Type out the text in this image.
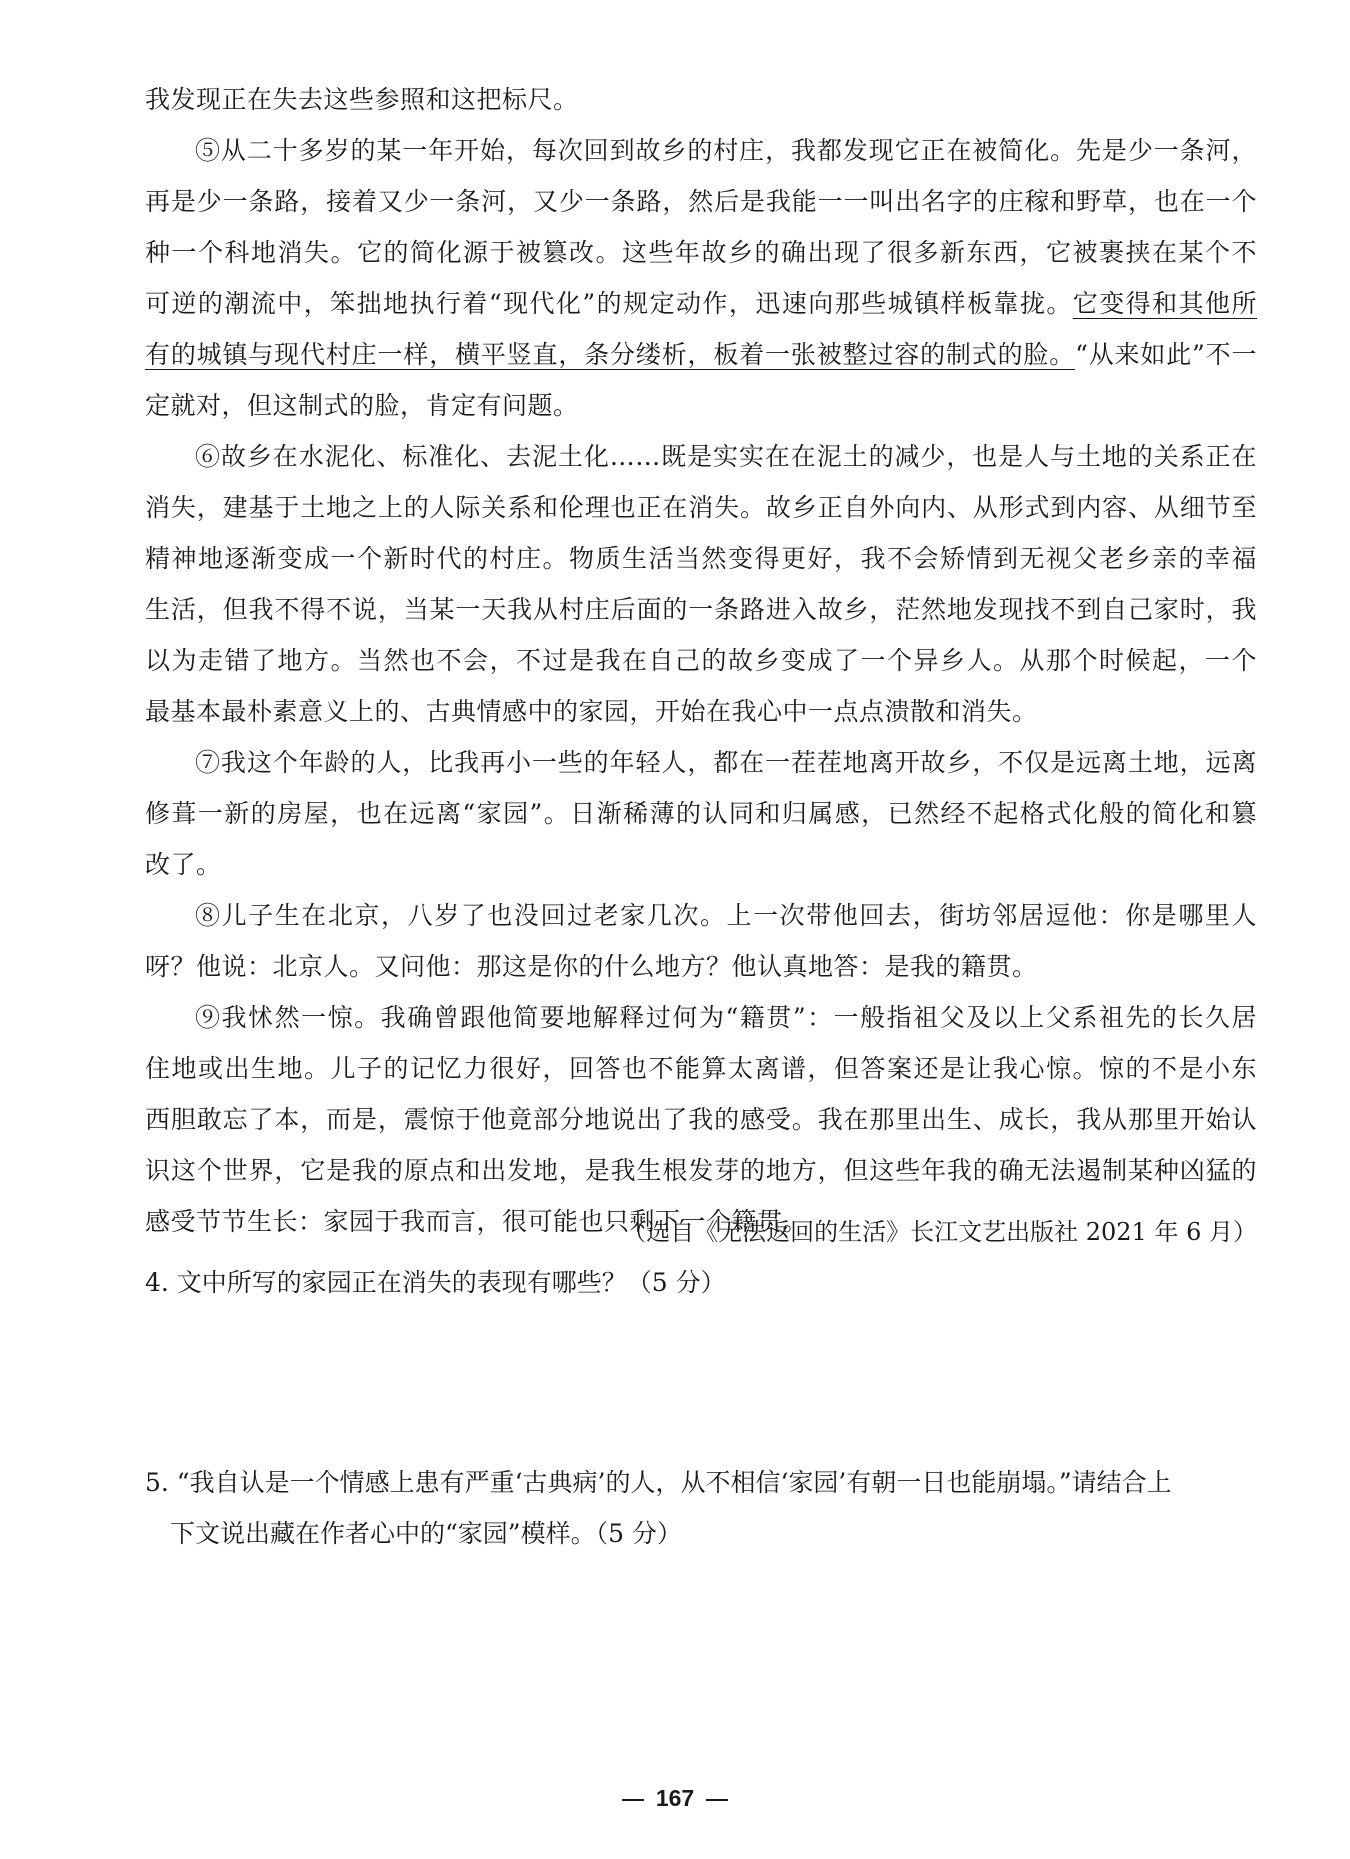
我发现正在失去这些参照和这把标尺。
⑤从二十多岁的某一年开始，每次回到故乡的村庄，我都发现它正在被简化。先是少一条河，
再是少一条路，接着又少一条河，又少一条路，然后是我能一一叫出名字的庄稼和野草，也在一个
种一个科地消失。它的简化源于被篡改。这些年故乡的确出现了很多新东西，它被裹挟在某个不
可逆的潮流中，笨拙地执行着“现代化”的规定动作，迅速向那些城镇样板靠拢。它变得和其他所
有的城镇与现代村庄一样，横平竖直，条分缕析，板着一张被整过容的制式的脸。“从来如此”不一
定就对，但这制式的脸，肯定有问题。
⑥故乡在水泥化、标准化、去泥土化……既是实实在在泥土的减少，也是人与土地的关系正在
消失，建基于土地之上的人际关系和伦理也正在消失。故乡正自外向内、从形式到内容、从细节至
精神地逐渐变成一个新时代的村庄。物质生活当然变得更好，我不会矫情到无视父老乡亲的幸福
生活，但我不得不说，当某一天我从村庄后面的一条路进入故乡，茫然地发现找不到自己家时，我
以为走错了地方。当然也不会，不过是我在自己的故乡变成了一个异乡人。从那个时候起，一个
最基本最朴素意义上的、古典情感中的家园，开始在我心中一点点溃散和消失。
⑦我这个年龄的人，比我再小一些的年轻人，都在一茬茬地离开故乡，不仅是远离土地，远离
修葺一新的房屋，也在远离“家园”。日渐稀薄的认同和归属感，已然经不起格式化般的简化和篡
改了。
⑧儿子生在北京，八岁了也没回过老家几次。上一次带他回去，街坊邻居逗他：你是哪里人
呀？他说：北京人。又问他：那这是你的什么地方？他认真地答：是我的籍贯。
⑨我怵然一惊。我确曾跟他简要地解释过何为“籍贯”：一般指祖父及以上父系祖先的长久居
住地或出生地。儿子的记忆力很好，回答也不能算太离谱，但答案还是让我心惊。惊的不是小东
西胆敢忘了本，而是，震惊于他竟部分地说出了我的感受。我在那里出生、成长，我从那里开始认
识这个世界，它是我的原点和出发地，是我生根发芽的地方，但这些年我的确无法遏制某种凶猛的
感受节节生长：家园于我而言，很可能也只剩下一个籍贯。
（选自《无法返回的生活》长江文艺出版社 2021 年 6 月）
4. 文中所写的家园正在消失的表现有哪些？（5 分）
5. “我自认是一个情感上患有严重‘古典病’的人，从不相信‘家园’有朝一日也能崩塌。”请结合上
下文说出藏在作者心中的“家园”模样。（5 分）
167
